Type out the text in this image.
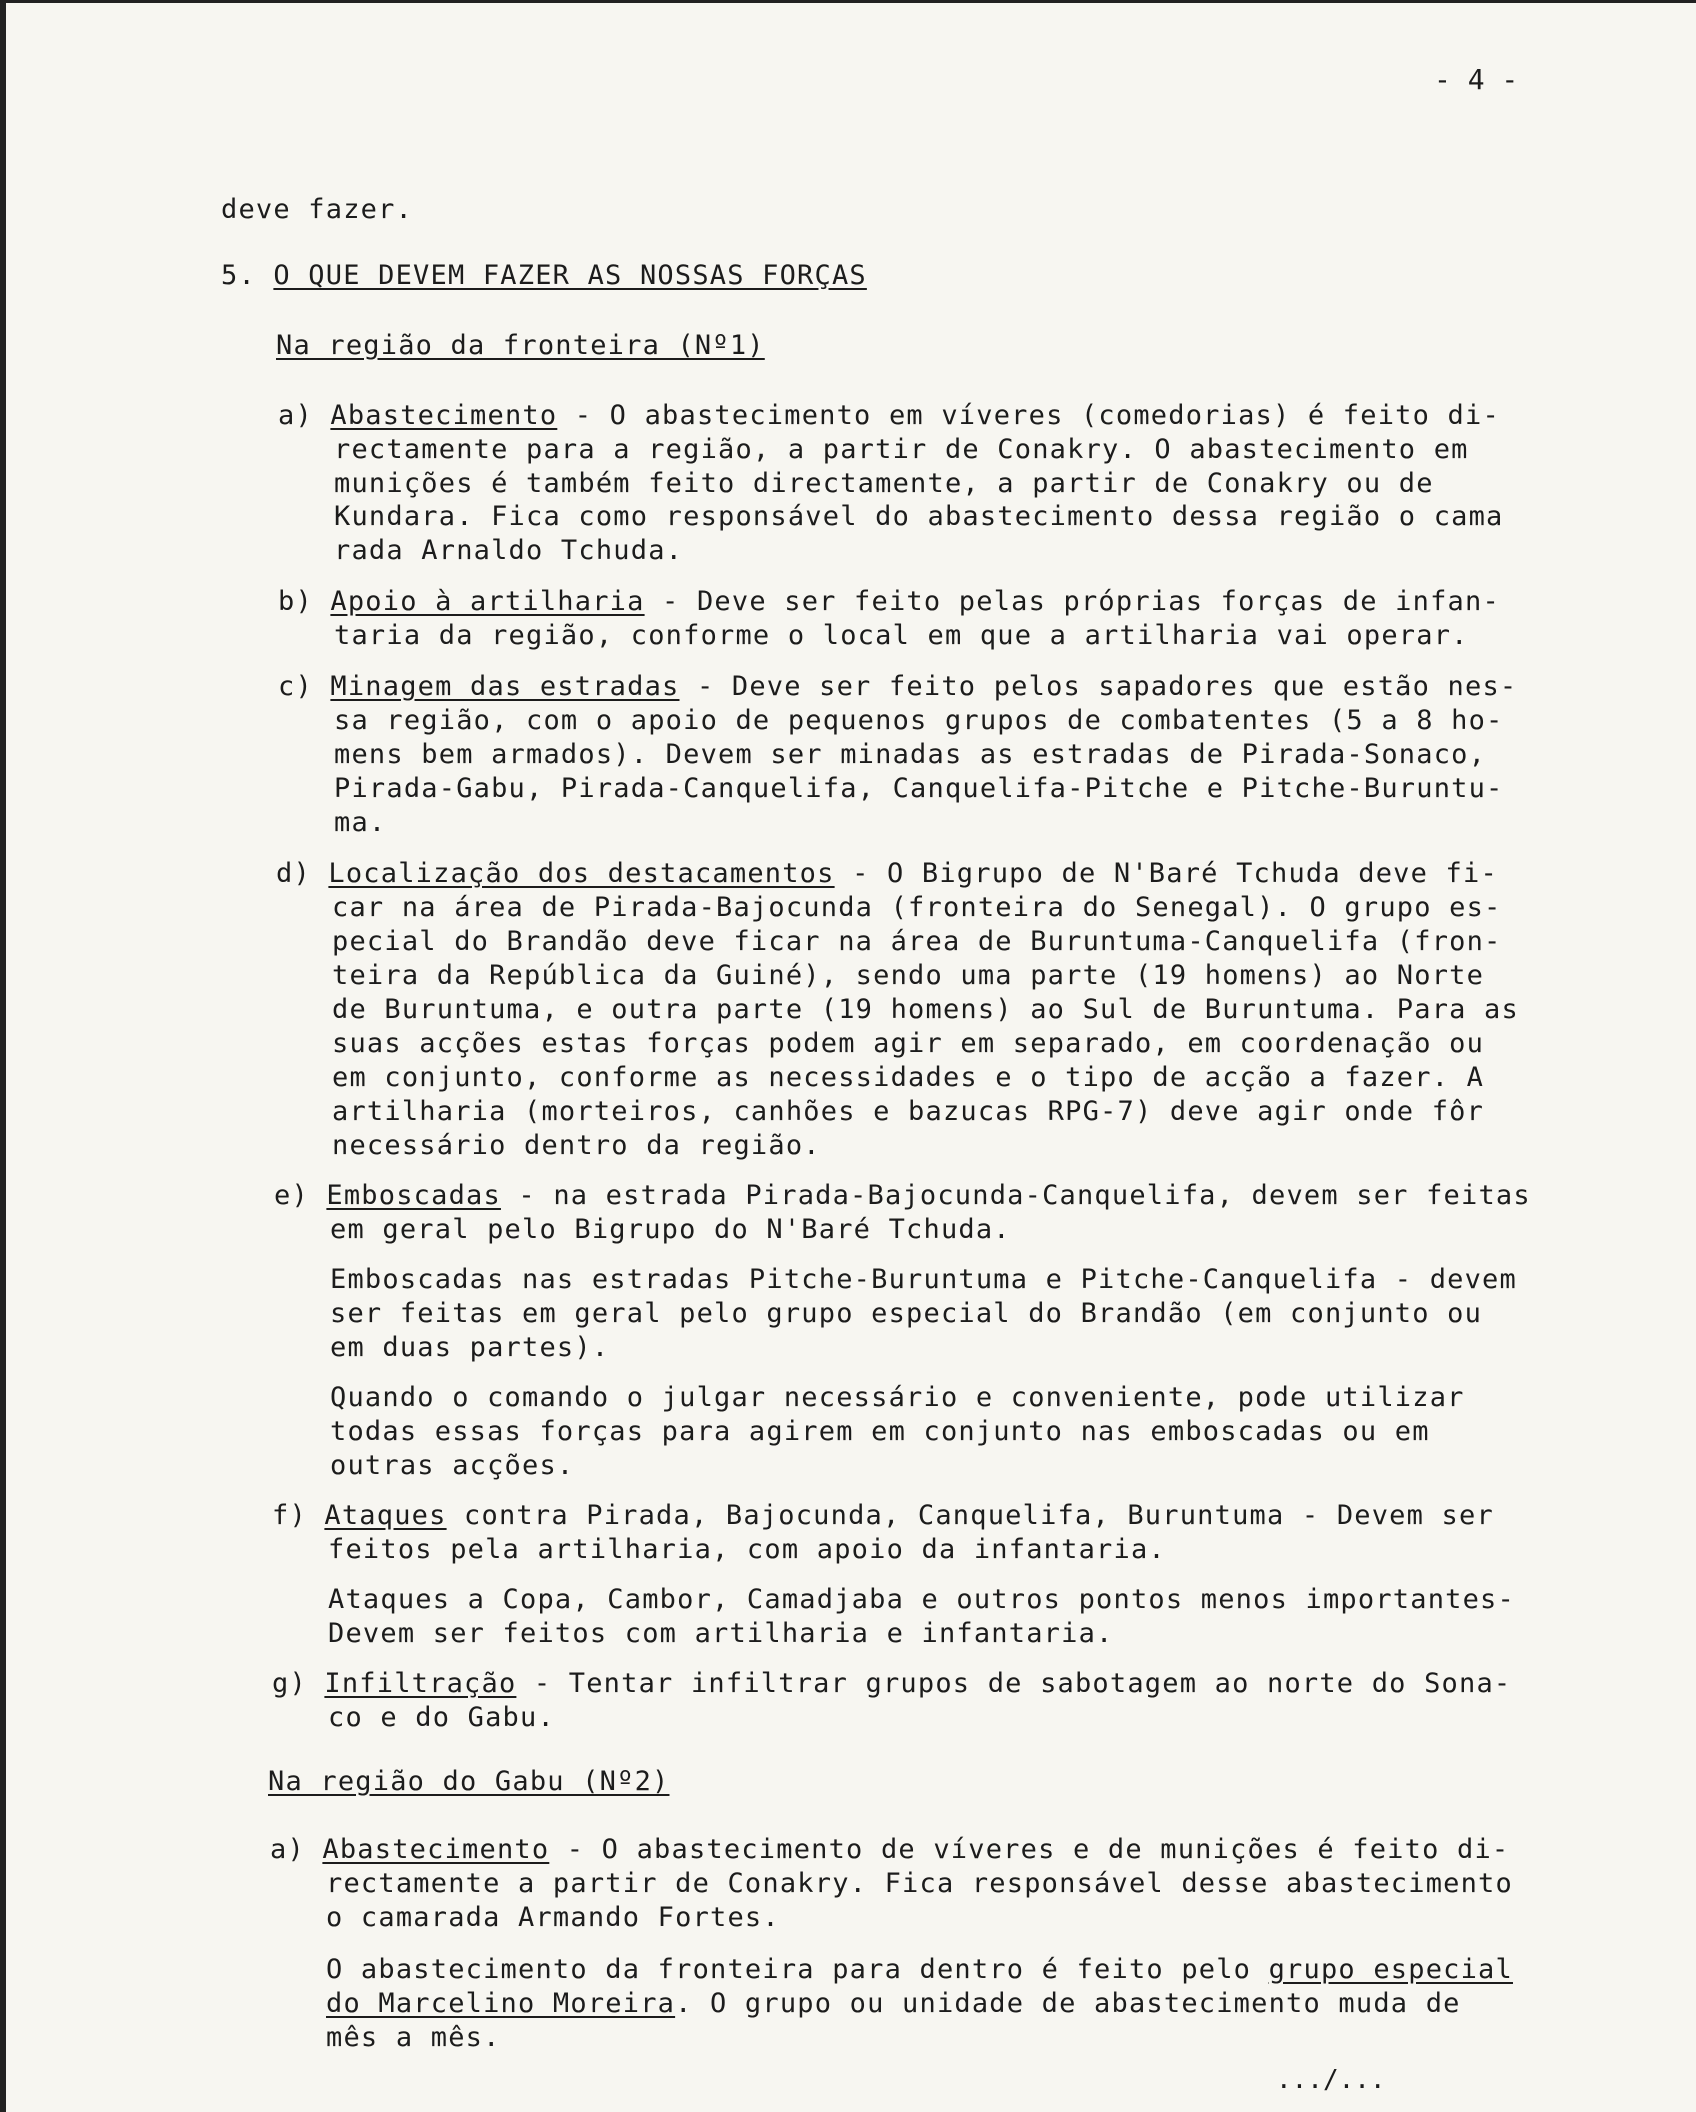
- 4 -
deve fazer.
5. O QUE DEVEM FAZER AS NOSSAS FORÇAS
Na região da fronteira (Nº1)
a) Abastecimento - O abastecimento em víveres (comedorias) é feito di-
rectamente para a região, a partir de Conakry. O abastecimento em
munições é também feito directamente, a partir de Conakry ou de
Kundara. Fica como responsável do abastecimento dessa região o cama
rada Arnaldo Tchuda.
b) Apoio à artilharia - Deve ser feito pelas próprias forças de infan-
taria da região, conforme o local em que a artilharia vai operar.
c) Minagem das estradas - Deve ser feito pelos sapadores que estão nes-
sa região, com o apoio de pequenos grupos de combatentes (5 a 8 ho-
mens bem armados). Devem ser minadas as estradas de Pirada-Sonaco,
Pirada-Gabu, Pirada-Canquelifa, Canquelifa-Pitche e Pitche-Buruntu-
ma.
d) Localização dos destacamentos - O Bigrupo de N'Baré Tchuda deve fi-
car na área de Pirada-Bajocunda (fronteira do Senegal). O grupo es-
pecial do Brandão deve ficar na área de Buruntuma-Canquelifa (fron-
teira da República da Guiné), sendo uma parte (19 homens) ao Norte
de Buruntuma, e outra parte (19 homens) ao Sul de Buruntuma. Para as
suas acções estas forças podem agir em separado, em coordenação ou
em conjunto, conforme as necessidades e o tipo de acção a fazer. A
artilharia (morteiros, canhões e bazucas RPG-7) deve agir onde fôr
necessário dentro da região.
e) Emboscadas - na estrada Pirada-Bajocunda-Canquelifa, devem ser feitas
em geral pelo Bigrupo do N'Baré Tchuda.
Emboscadas nas estradas Pitche-Buruntuma e Pitche-Canquelifa - devem
ser feitas em geral pelo grupo especial do Brandão (em conjunto ou
em duas partes).
Quando o comando o julgar necessário e conveniente, pode utilizar
todas essas forças para agirem em conjunto nas emboscadas ou em
outras acções.
f) Ataques contra Pirada, Bajocunda, Canquelifa, Buruntuma - Devem ser
feitos pela artilharia, com apoio da infantaria.
Ataques a Copa, Cambor, Camadjaba e outros pontos menos importantes-
Devem ser feitos com artilharia e infantaria.
g) Infiltração - Tentar infiltrar grupos de sabotagem ao norte do Sona-
co e do Gabu.
Na região do Gabu (Nº2)
a) Abastecimento - O abastecimento de víveres e de munições é feito di-
rectamente a partir de Conakry. Fica responsável desse abastecimento
o camarada Armando Fortes.
O abastecimento da fronteira para dentro é feito pelo grupo especial
do Marcelino Moreira. O grupo ou unidade de abastecimento muda de
mês a mês.
.../...
